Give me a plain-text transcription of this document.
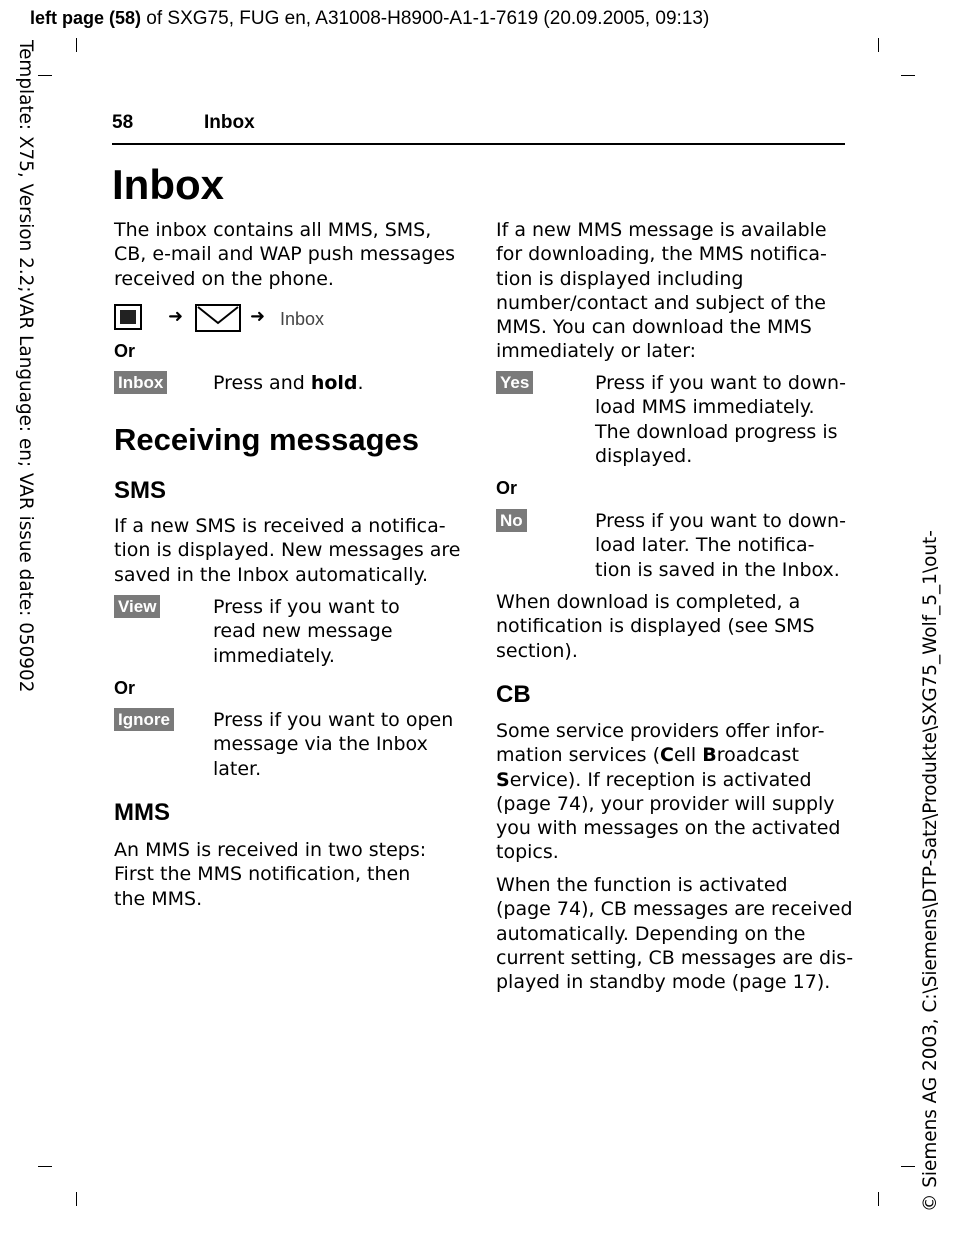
left page (58) of SXG75, FUG en, A31008-H8900-A1-1-7619 (20.09.2005, 09:13)
Template: X75, Version 2.2;VAR Language: en; VAR issue date: 050902
© Siemens AG 2003, C:\Siemens\DTP-Satz\Produkte\SXG75_Wolf_5_1\out-
58	Inbox
Inbox
The inbox contains all MMS, SMS,
CB, e-mail and WAP push messages
received on the phone.
➜	➜ Inbox
Or
Inbox	Press and hold.
Receiving messages
SMS
If a new SMS is received a notifica-
tion is displayed. New messages are
saved in the Inbox automatically.
View	Press if you want to
read new message
immediately.
Or
Ignore Press if you want to open
message via the Inbox
later.
MMS
An MMS is received in two steps:
First the MMS notification, then
the MMS.
If a new MMS message is available
for downloading, the MMS notifica-
tion is displayed including
number/contact and subject of the
MMS. You can download the MMS
immediately or later:
Yes	Press if you want to down-
load MMS immediately.
The download progress is
displayed.
Or
No	Press if you want to down-
load later. The notifica-
tion is saved in the Inbox.
When download is completed, a
notification is displayed (see SMS
section).
CB
Some service providers offer infor-
mation services (Cell Broadcast
Service). If reception is activated
(page 74), your provider will supply
you with messages on the activated
topics.
When the function is activated
(page 74), CB messages are received
automatically. Depending on the
current setting, CB messages are dis-
played in standby mode (page 17).
